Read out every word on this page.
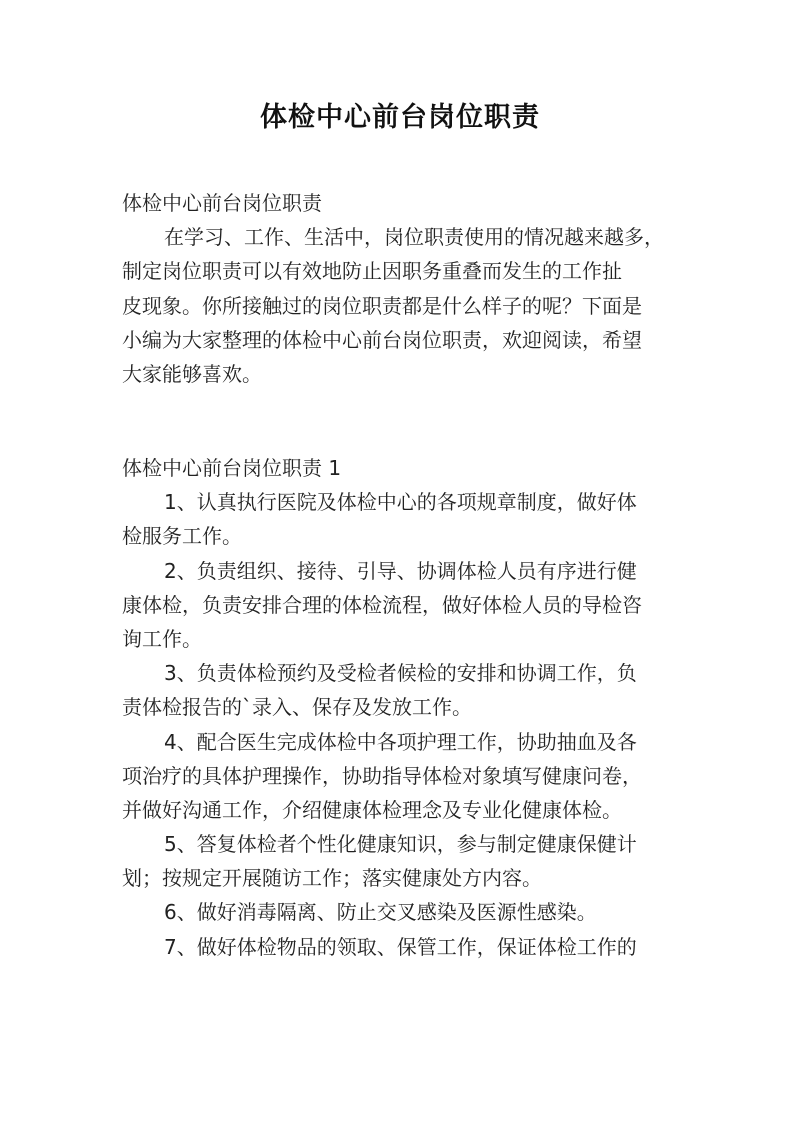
体检中心前台岗位职责
体检中心前台岗位职责
在学习、工作、生活中，岗位职责使用的情况越来越多，
制定岗位职责可以有效地防止因职务重叠而发生的工作扯
皮现象。你所接触过的岗位职责都是什么样子的呢？下面是
小编为大家整理的体检中心前台岗位职责，欢迎阅读，希望
大家能够喜欢。
体检中心前台岗位职责 1
1、认真执行医院及体检中心的各项规章制度，做好体
检服务工作。
2、负责组织、接待、引导、协调体检人员有序进行健
康体检，负责安排合理的体检流程，做好体检人员的导检咨
询工作。
3、负责体检预约及受检者候检的安排和协调工作，负
责体检报告的`录入、保存及发放工作。
4、配合医生完成体检中各项护理工作，协助抽血及各
项治疗的具体护理操作，协助指导体检对象填写健康问卷，
并做好沟通工作，介绍健康体检理念及专业化健康体检。
5、答复体检者个性化健康知识，参与制定健康保健计
划；按规定开展随访工作；落实健康处方内容。
6、做好消毒隔离、防止交叉感染及医源性感染。
7、做好体检物品的领取、保管工作，保证体检工作的
